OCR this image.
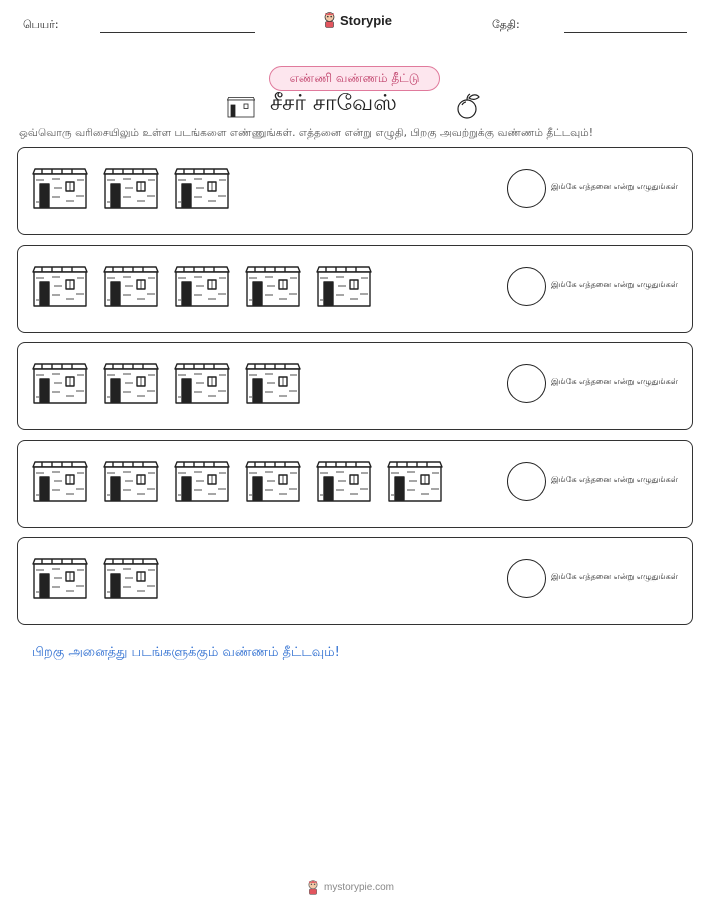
பெயர்:	Storypie	தேதி:
எண்ணி வண்ணம் தீட்டு
சீசர் சாவேஸ்
ஒவ்வொரு வரிசையிலும் உள்ள படங்களை எண்ணுங்கள். எத்தனை என்று எழுதி, பிறகு அவற்றுக்கு வண்ணம் தீட்டவும்!
இங்கே எத்தனை என்று எழுதுங்கள்
இங்கே எத்தனை என்று எழுதுங்கள்
இங்கே எத்தனை என்று எழுதுங்கள்
இங்கே எத்தனை என்று எழுதுங்கள்
இங்கே எத்தனை என்று எழுதுங்கள்
பிறகு அனைத்து படங்களுக்கும் வண்ணம் தீட்டவும்!
mystorypie.com
